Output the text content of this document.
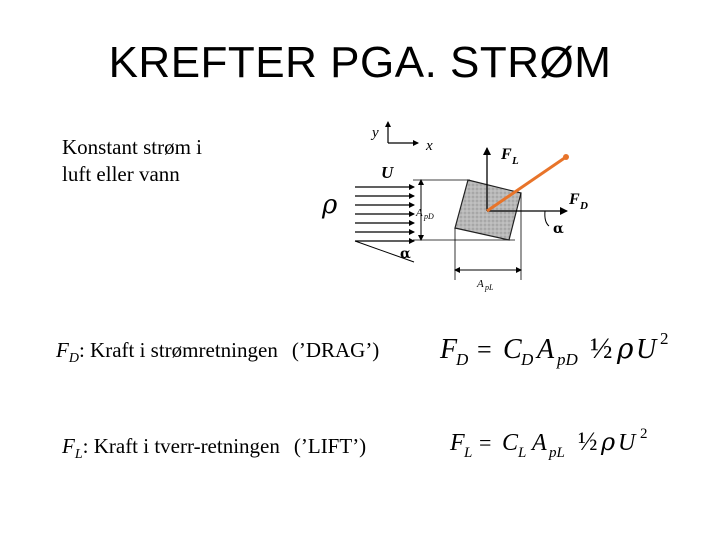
KREFTER PGA. STRØM
Konstant strøm i
luft eller vann
y
x
U
ρ
α
A pD
A pL
F L
F D
α
$F_D$: Kraft i strømretningen (’DRAG’)
$F_L$: Kraft i tverr-retningen (’LIFT’)
F
D = C D A pD ½ ρ U 2
F L = C L A pL ½ ρ U 2
